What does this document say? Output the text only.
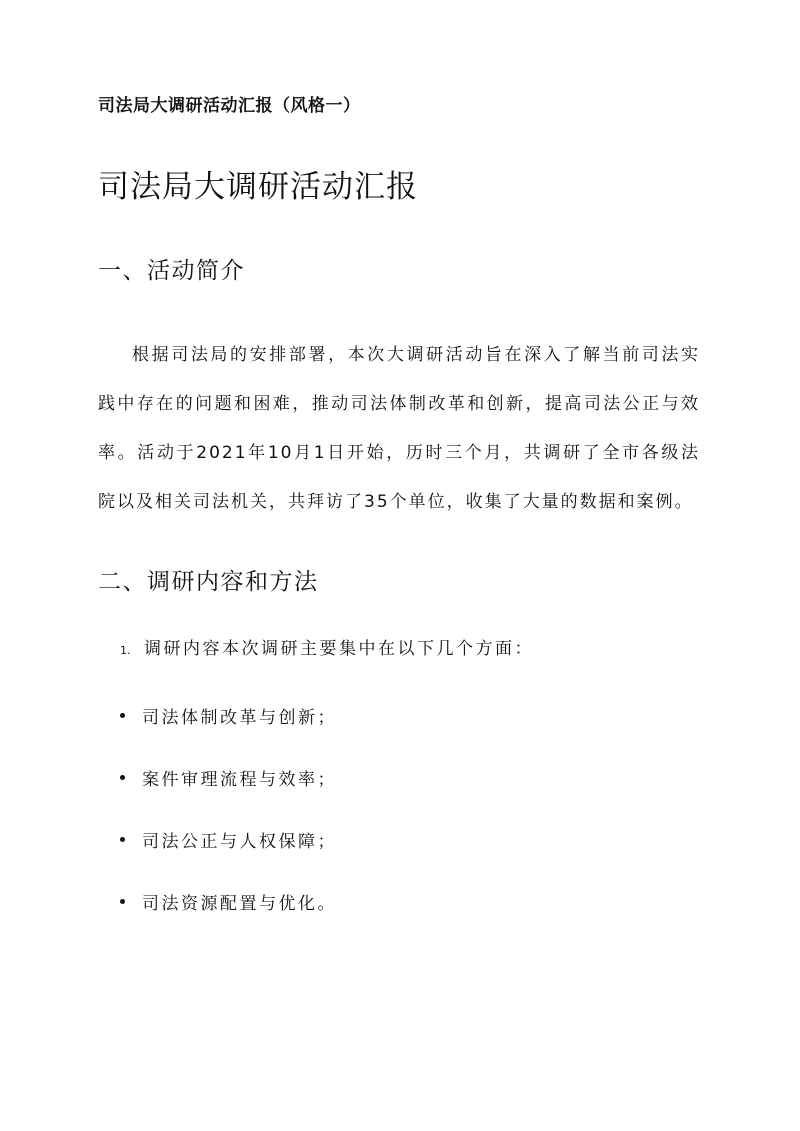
司法局大调研活动汇报（风格一）
司法局大调研活动汇报
一、活动简介

根据司法局的安排部署，本次大调研活动旨在深入了解当前司法实践中存在的问题和困难，推动司法体制改革和创新，提高司法公正与效率。活动于2021年10月1日开始，历时三个月，共调研了全市各级法院以及相关司法机关，共拜访了35个单位，收集了大量的数据和案例。

二、调研内容和方法
1. 调研内容本次调研主要集中在以下几个方面：
司法体制改革与创新；
案件审理流程与效率；
司法公正与人权保障；
司法资源配置与优化。
